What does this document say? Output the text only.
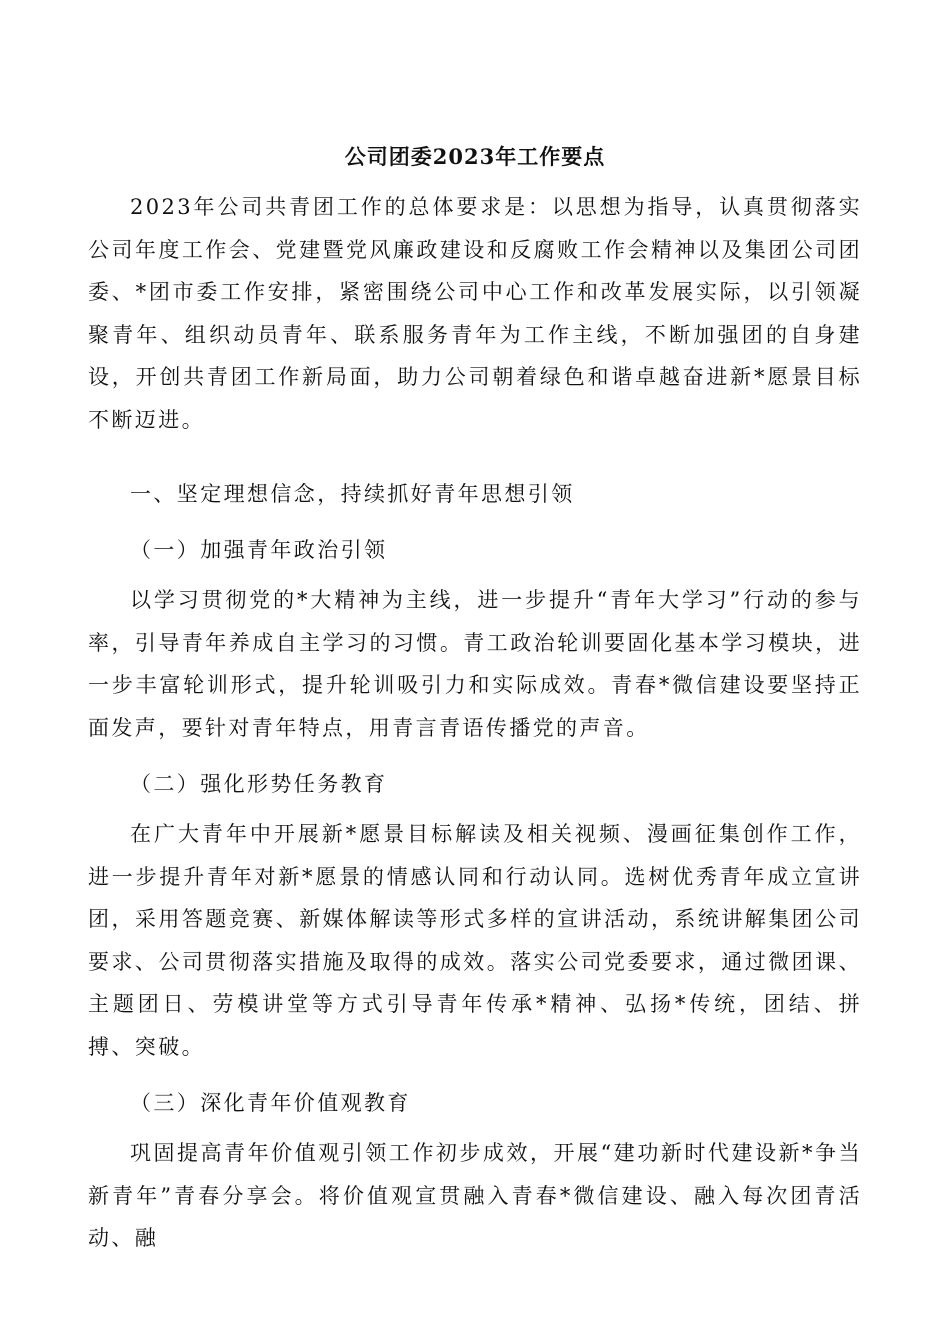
公司团委2023年工作要点

2023年公司共青团工作的总体要求是：以思想为指导，认真贯彻落实公司年度工作会、党建暨党风廉政建设和反腐败工作会精神以及集团公司团委、*团市委工作安排，紧密围绕公司中心工作和改革发展实际，以引领凝聚青年、组织动员青年、联系服务青年为工作主线，不断加强团的自身建设，开创共青团工作新局面，助力公司朝着绿色和谐卓越奋进新*愿景目标不断迈进。

一、坚定理想信念，持续抓好青年思想引领

（一）加强青年政治引领

以学习贯彻党的*大精神为主线，进一步提升“青年大学习”行动的参与率，引导青年养成自主学习的习惯。青工政治轮训要固化基本学习模块，进一步丰富轮训形式，提升轮训吸引力和实际成效。青春*微信建设要坚持正面发声，要针对青年特点，用青言青语传播党的声音。

（二）强化形势任务教育

在广大青年中开展新*愿景目标解读及相关视频、漫画征集创作工作，进一步提升青年对新*愿景的情感认同和行动认同。选树优秀青年成立宣讲团，采用答题竞赛、新媒体解读等形式多样的宣讲活动，系统讲解集团公司要求、公司贯彻落实措施及取得的成效。落实公司党委要求，通过微团课、主题团日、劳模讲堂等方式引导青年传承*精神、弘扬*传统，团结、拼搏、突破。

（三）深化青年价值观教育

巩固提高青年价值观引领工作初步成效，开展“建功新时代建设新*争当新青年”青春分享会。将价值观宣贯融入青春*微信建设、融入每次团青活动、融
